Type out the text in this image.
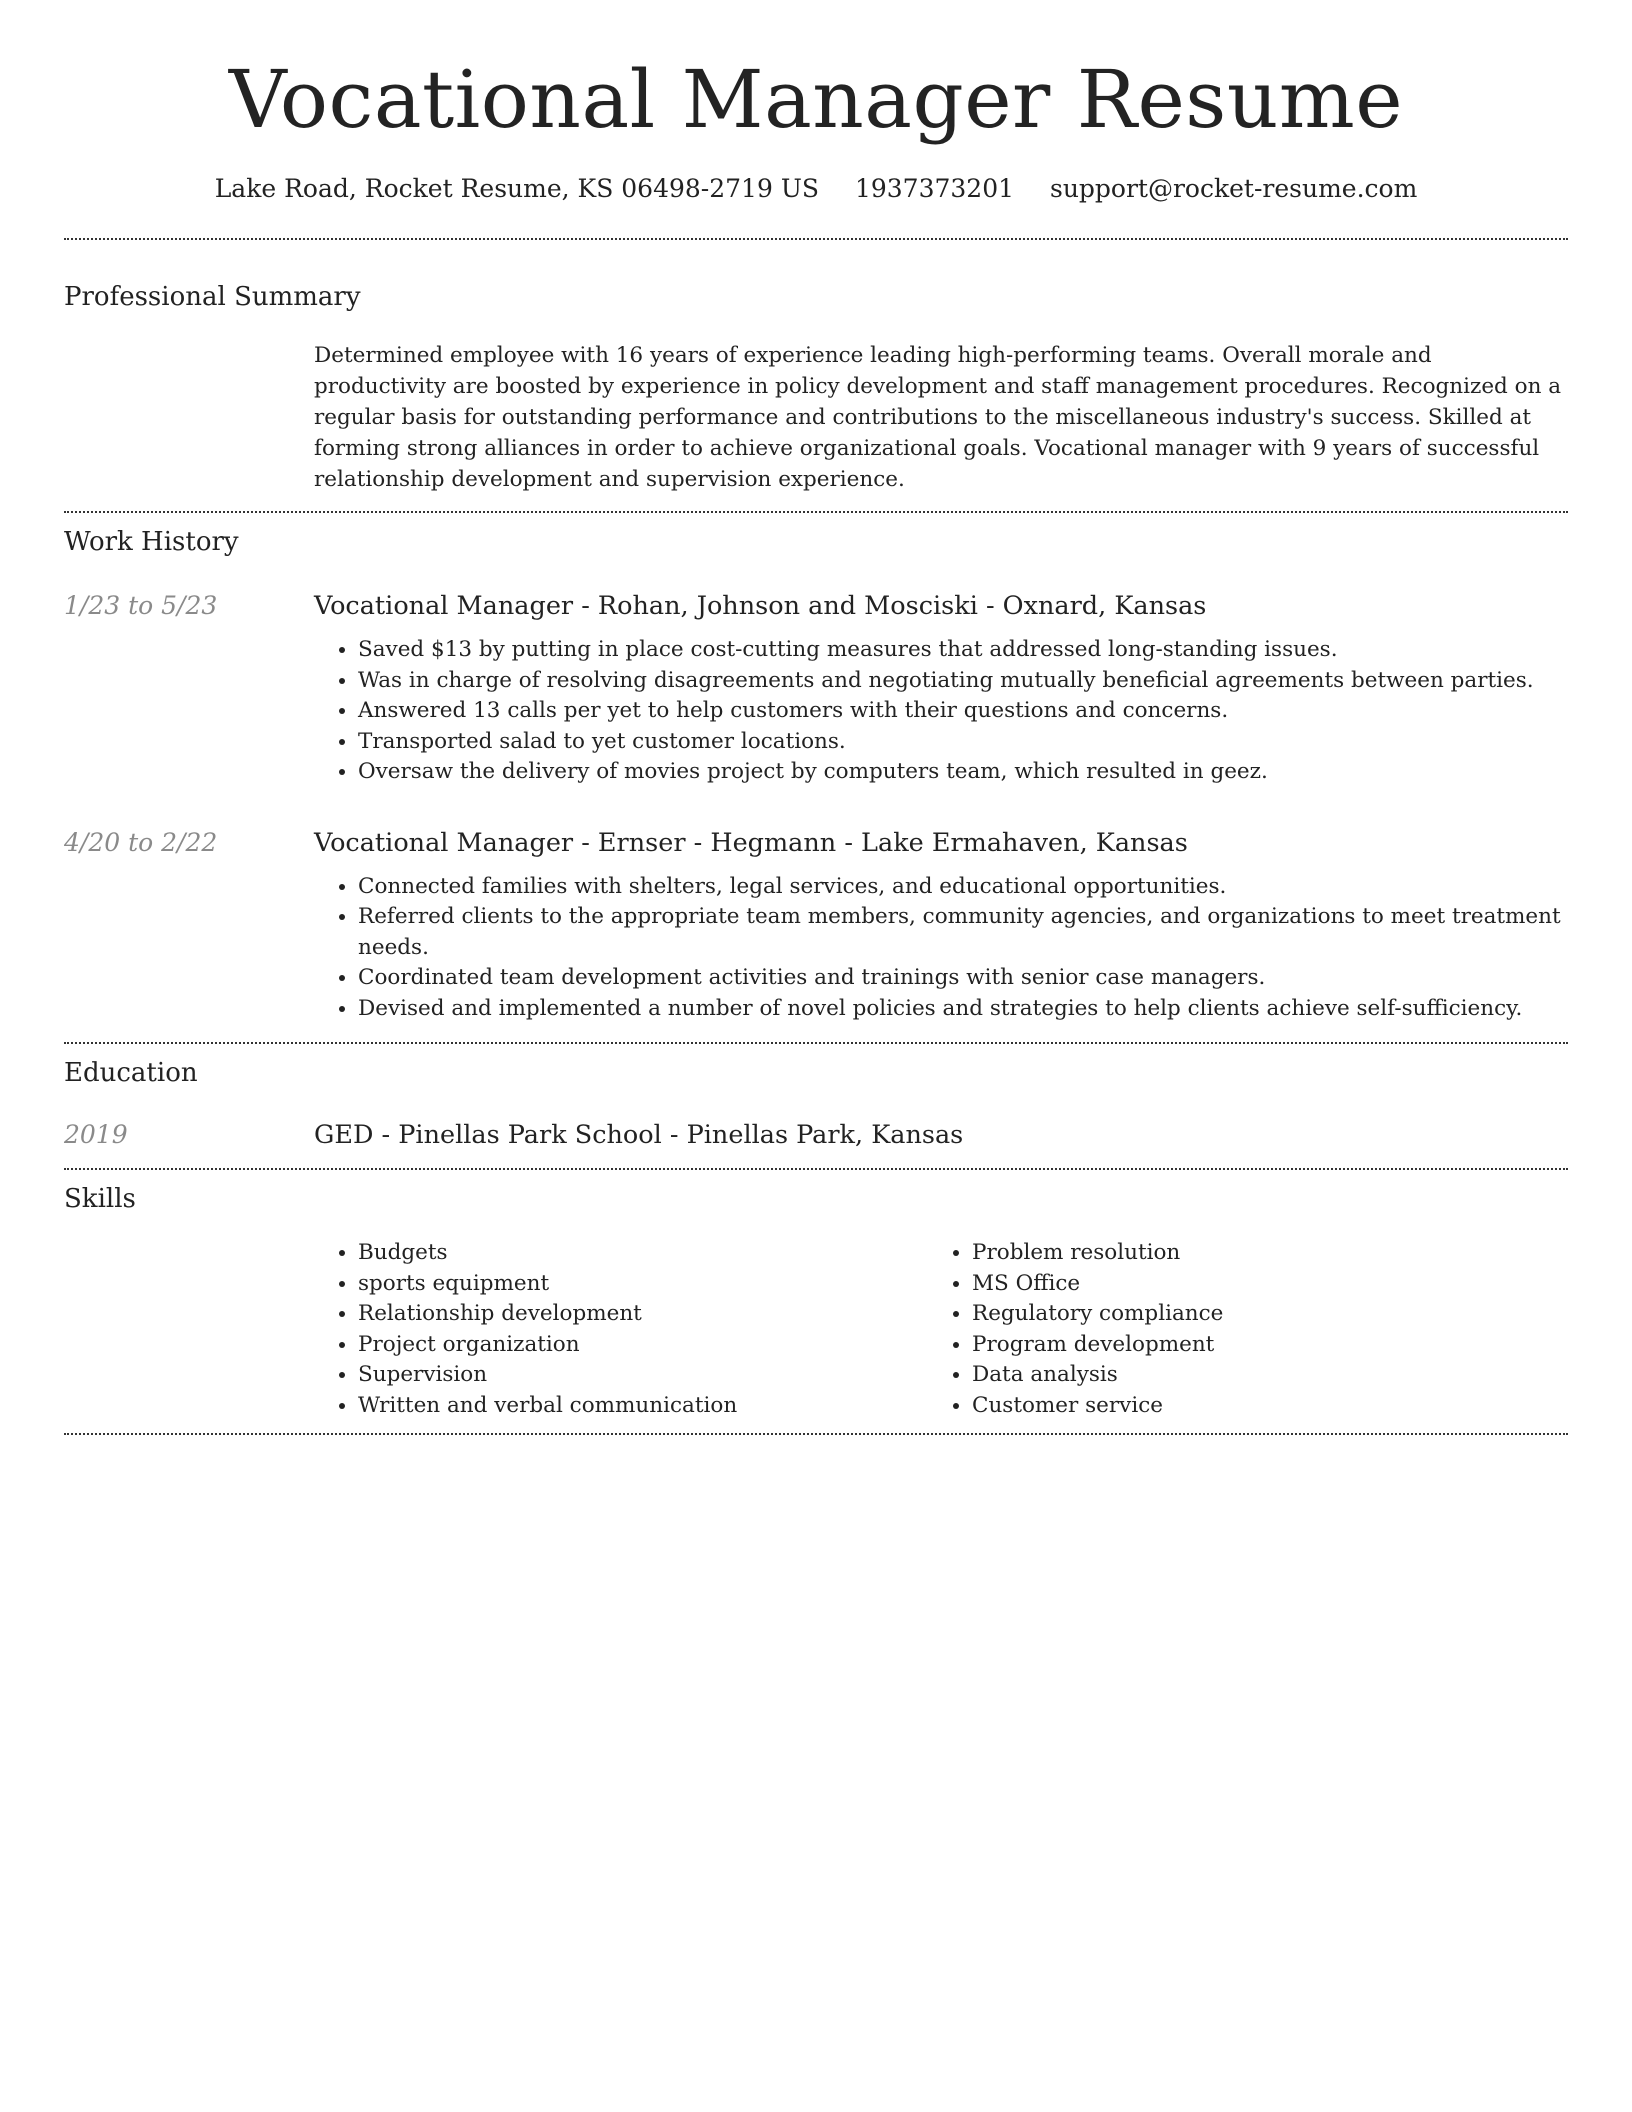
Vocational Manager Resume
Lake Road, Rocket Resume, KS 06498-2719 US 1937373201 support@rocket-resume.com
Professional Summary

Determined employee with 16 years of experience leading high-performing teams. Overall morale and productivity are boosted by experience in policy development and staff management procedures. Recognized on a regular basis for outstanding performance and contributions to the miscellaneous industry's success. Skilled at forming strong alliances in order to achieve organizational goals. Vocational manager with 9 years of successful relationship development and supervision experience.

Work History
1/23 to 5/23	Vocational Manager - Rohan, Johnson and Mosciski - Oxnard, Kansas
• Saved $13 by putting in place cost-cutting measures that addressed long-standing issues.
• Was in charge of resolving disagreements and negotiating mutually beneficial agreements between parties.
• Answered 13 calls per yet to help customers with their questions and concerns.
• Transported salad to yet customer locations.
• Oversaw the delivery of movies project by computers team, which resulted in geez.
4/20 to 2/22	Vocational Manager - Ernser - Hegmann - Lake Ermahaven, Kansas
• Connected families with shelters, legal services, and educational opportunities.
• Referred clients to the appropriate team members, community agencies, and organizations to meet treatment needs.
• Coordinated team development activities and trainings with senior case managers.
• Devised and implemented a number of novel policies and strategies to help clients achieve self-sufficiency.
Education
2019	GED - Pinellas Park School - Pinellas Park, Kansas
Skills
• Budgets
• sports equipment
• Relationship development
• Project organization
• Supervision
• Written and verbal communication
• Problem resolution
• MS Office
• Regulatory compliance
• Program development
• Data analysis
• Customer service
